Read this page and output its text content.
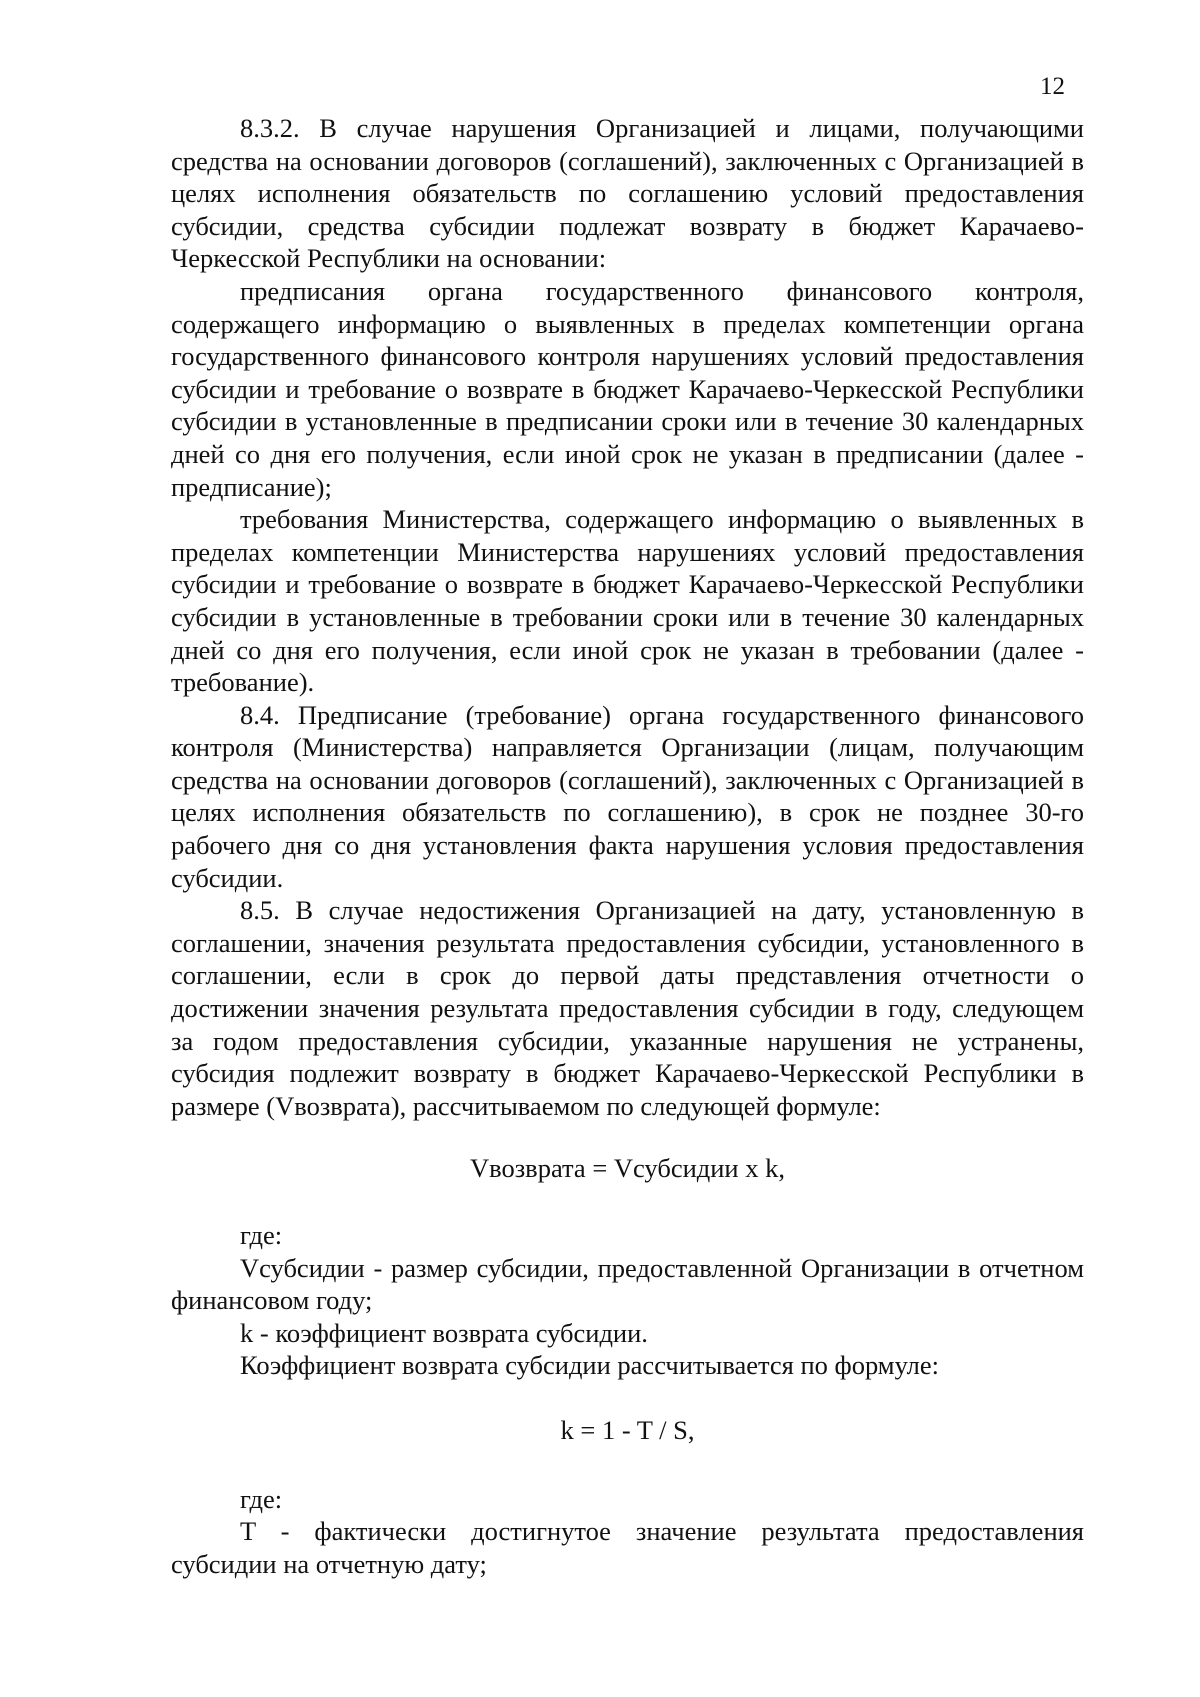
12

8.3.2. В случае нарушения Организацией и лицами, получающими средства на основании договоров (соглашений), заключенных с Организацией в целях исполнения обязательств по соглашению условий предоставления субсидии, средства субсидии подлежат возврату в бюджет Карачаево-Черкесской Республики на основании:

предписания органа государственного финансового контроля, содержащего информацию о выявленных в пределах компетенции органа государственного финансового контроля нарушениях условий предоставления субсидии и требование о возврате в бюджет Карачаево-Черкесской Республики субсидии в установленные в предписании сроки или в течение 30 календарных дней со дня его получения, если иной срок не указан в предписании (далее - предписание);

требования Министерства, содержащего информацию о выявленных в пределах компетенции Министерства нарушениях условий предоставления субсидии и требование о возврате в бюджет Карачаево-Черкесской Республики субсидии в установленные в требовании сроки или в течение 30 календарных дней со дня его получения, если иной срок не указан в требовании (далее - требование).

8.4. Предписание (требование) органа государственного финансового контроля (Министерства) направляется Организации (лицам, получающим средства на основании договоров (соглашений), заключенных с Организацией в целях исполнения обязательств по соглашению), в срок не позднее 30-го рабочего дня со дня установления факта нарушения условия предоставления субсидии.

8.5. В случае недостижения Организацией на дату, установленную в соглашении, значения результата предоставления субсидии, установленного в соглашении, если в срок до первой даты представления отчетности о достижении значения результата предоставления субсидии в году, следующем за годом предоставления субсидии, указанные нарушения не устранены, субсидия подлежит возврату в бюджет Карачаево-Черкесской Республики в размере (Vвозврата), рассчитываемом по следующей формуле:

Vвозврата = Vсубсидии x k,

где:

Vсубсидии - размер субсидии, предоставленной Организации в отчетном финансовом году;

k - коэффициент возврата субсидии.

Коэффициент возврата субсидии рассчитывается по формуле:

k = 1 - T / S,

где:

T - фактически достигнутое значение результата предоставления субсидии на отчетную дату;
